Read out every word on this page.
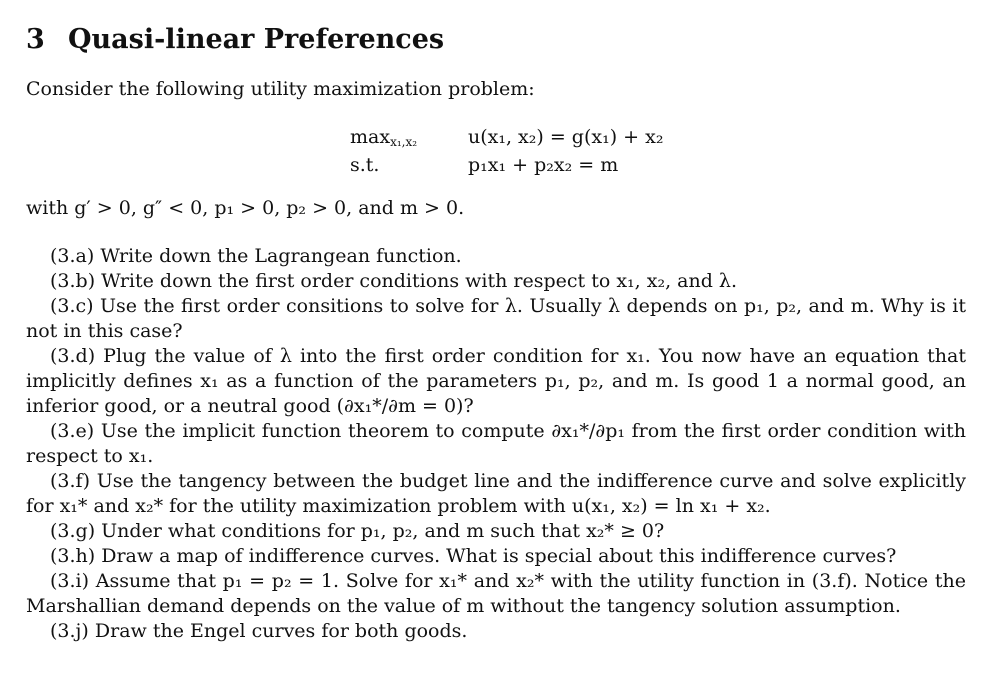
3 Quasi-linear Preferences
Consider the following utility maximization problem:
$\max_{x_1,x_2}$	u(x₁, x₂) = g(x₁) + x₂
s.t.	p₁x₁ + p₂x₂ = m
with g′ > 0, g″ < 0, p₁ > 0, p₂ > 0, and m > 0.

(3.a) Write down the Lagrangean function.

(3.b) Write down the first order conditions with respect to x₁, x₂, and λ.

(3.c) Use the first order consitions to solve for λ. Usually λ depends on p₁, p₂, and m. Why is it not in this case?

(3.d) Plug the value of λ into the first order condition for x₁. You now have an equation that implicitly defines x₁ as a function of the parameters p₁, p₂, and m. Is good 1 a normal good, an inferior good, or a neutral good (∂x₁*/∂m = 0)?

(3.e) Use the implicit function theorem to compute ∂x₁*/∂p₁ from the first order condition with respect to x₁.

(3.f) Use the tangency between the budget line and the indifference curve and solve explicitly for x₁* and x₂* for the utility maximization problem with u(x₁, x₂) = ln x₁ + x₂.

(3.g) Under what conditions for p₁, p₂, and m such that x₂* ≥ 0?

(3.h) Draw a map of indifference curves. What is special about this indifference curves?

(3.i) Assume that p₁ = p₂ = 1. Solve for x₁* and x₂* with the utility function in (3.f). Notice the Marshallian demand depends on the value of m without the tangency solution assumption.

(3.j) Draw the Engel curves for both goods.
